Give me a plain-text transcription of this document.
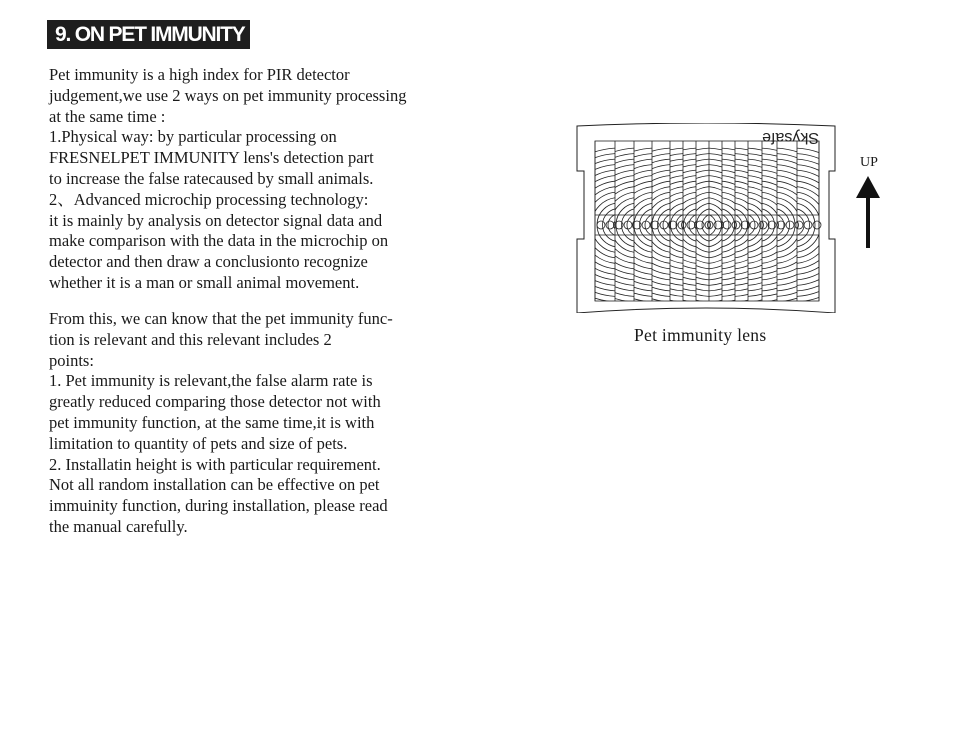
9. ON PET IMMUNITY

Pet immunity is a high index for PIR detector
judgement,we use 2 ways on pet immunity processing
at the same time :
1.Physical way: by particular processing on
FRESNELPET IMMUNITY lens's detection part
to increase the false ratecaused by small animals.
2、Advanced microchip processing technology:
it is mainly by analysis on detector signal data and
make comparison with the data in the microchip on
detector and then draw a conclusionto recognize
whether it is a man or small animal movement.

From this, we can know that the pet immunity func-
tion is relevant and this relevant includes 2
points:
1. Pet immunity is relevant,the false alarm rate is
greatly reduced comparing those detector not with
pet immunity function, at the same time,it is with
limitation to quantity of pets and size of pets.
2. Installatin height is with particular requirement.
Not all random installation can be effective on pet
immuinity function, during installation, please read
the manual carefully.

Skysafe
Pet immunity lens
UP
